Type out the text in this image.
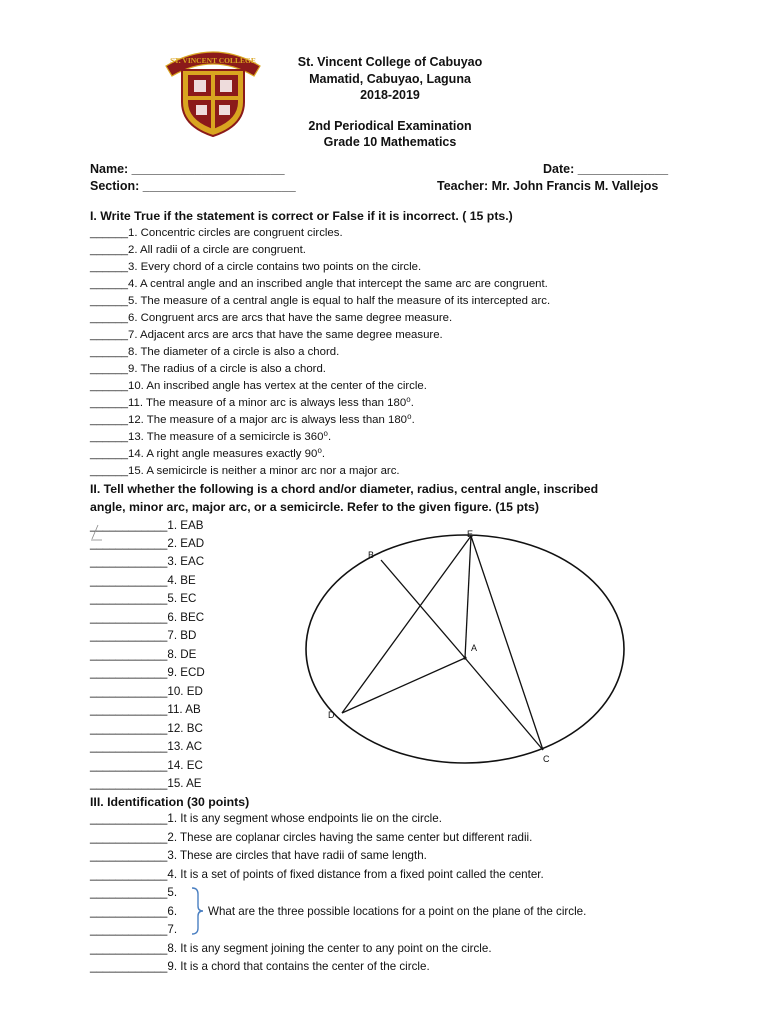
ST. VINCENT COLLEGE	St. Vincent College of Cabuyao
Mamatid, Cabuyao, Laguna
2018-2019
2nd Periodical Examination
Grade 10 Mathematics
Name: ______________________
Section: ______________________
Date: _____________
Teacher: Mr. John Francis M. Vallejos
I. Write True if the statement is correct or False if it is incorrect. ( 15 pts.)
______1. Concentric circles are congruent circles.
______2. All radii of a circle are congruent.
______3. Every chord of a circle contains two points on the circle.
______4. A central angle and an inscribed angle that intercept the same arc are congruent.
______5. The measure of a central angle is equal to half the measure of its intercepted arc.
______6. Congruent arcs are arcs that have the same degree measure.
______7. Adjacent arcs are arcs that have the same degree measure.
______8. The diameter of a circle is also a chord.
______9. The radius of a circle is also a chord.
______10. An inscribed angle has vertex at the center of the circle.
______11. The measure of a minor arc is always less than 180⁰.
______12. The measure of a major arc is always less than 180⁰.
______13. The measure of a semicircle is 360⁰.
______14. A right angle measures exactly 90⁰.
______15. A semicircle is neither a minor arc nor a major arc.
II. Tell whether the following is a chord and/or diameter, radius, central angle, inscribed
angle, minor arc, major arc, or a semicircle. Refer to the given figure. (15 pts)
____________1. EAB
____________2. EAD
____________3. EAC
____________4. BE
____________5. EC
____________6. BEC
____________7. BD
____________8. DE
____________9. ECD
____________10. ED
____________11. AB
____________12. BC
____________13. AC
____________14. EC
____________15. AE
B
E
A
D
C
III. Identification (30 points)
____________1. It is any segment whose endpoints lie on the circle.
____________2. These are coplanar circles having the same center but different radii.
____________3. These are circles that have radii of same length.
____________4. It is a set of points of fixed distance from a fixed point called the center.
____________5.
____________6.
____________7.
____________8. It is any segment joining the center to any point on the circle.
____________9. It is a chord that contains the center of the circle.
What are the three possible locations for a point on the plane of the circle.
